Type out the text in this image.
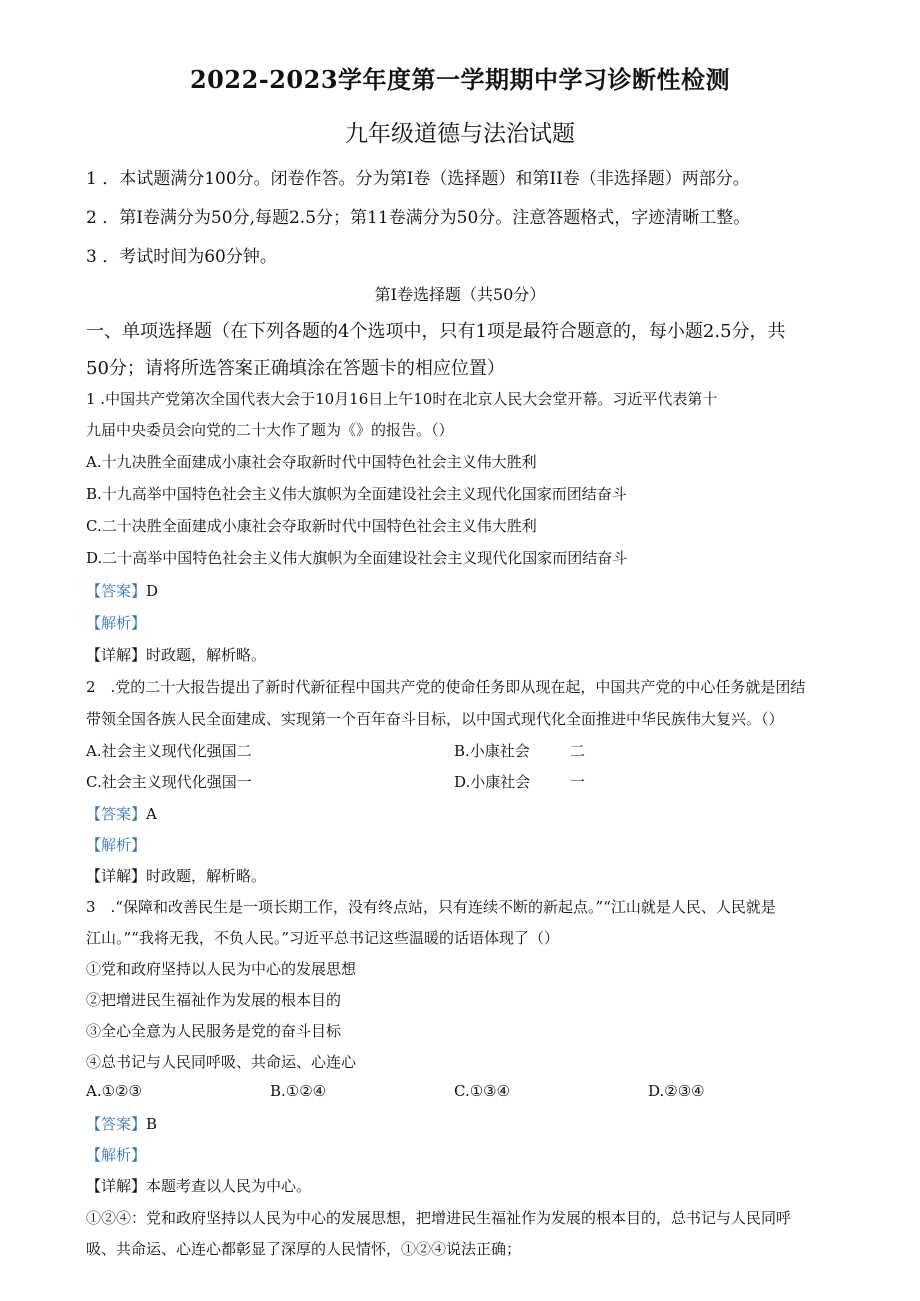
2022-2023学年度第一学期期中学习诊断性检测
九年级道德与法治试题
1 ．本试题满分100分。闭卷作答。分为第I卷（选择题）和第II卷（非选择题）两部分。
2 ．第I卷满分为50分,每题2.5分；第11卷满分为50分。注意答题格式，字迹清晰工整。
3 ．考试时间为60分钟。
第I卷选择题（共50分）
一、单项选择题（在下列各题的4个选项中，只有1项是最符合题意的，每小题2.5分，共
50分；请将所选答案正确填涂在答题卡的相应位置）
1 .中国共产党第次全国代表大会于10月16日上午10时在北京人民大会堂开幕。习近平代表第十
九届中央委员会向党的二十大作了题为《》的报告。（）
A.十九决胜全面建成小康社会夺取新时代中国特色社会主义伟大胜利
B.十九高举中国特色社会主义伟大旗帜为全面建设社会主义现代化国家而团结奋斗
C.二十决胜全面建成小康社会夺取新时代中国特色社会主义伟大胜利
D.二十高举中国特色社会主义伟大旗帜为全面建设社会主义现代化国家而团结奋斗
【答案】D
【解析】
【详解】时政题，解析略。
2　.党的二十大报告提出了新时代新征程中国共产党的使命任务即从现在起，中国共产党的中心任务就是团结
带领全国各族人民全面建成、实现第一个百年奋斗目标，以中国式现代化全面推进中华民族伟大复兴。（）
A.社会主义现代化强国二	B.小康社会	二
C.社会主义现代化强国一	D.小康社会	一
【答案】A
【解析】
【详解】时政题，解析略。
3　.“保障和改善民生是一项长期工作，没有终点站，只有连续不断的新起点。”“江山就是人民、人民就是
江山。”“我将无我，不负人民。”习近平总书记这些温暖的话语体现了（）
①党和政府坚持以人民为中心的发展思想
②把增进民生福祉作为发展的根本目的
③全心全意为人民服务是党的奋斗目标
④总书记与人民同呼吸、共命运、心连心
A.①②③	B.①②④	C.①③④	D.②③④
【答案】B
【解析】
【详解】本题考查以人民为中心。
①②④：党和政府坚持以人民为中心的发展思想，把增进民生福祉作为发展的根本目的，总书记与人民同呼
吸、共命运、心连心都彰显了深厚的人民情怀，①②④说法正确；
